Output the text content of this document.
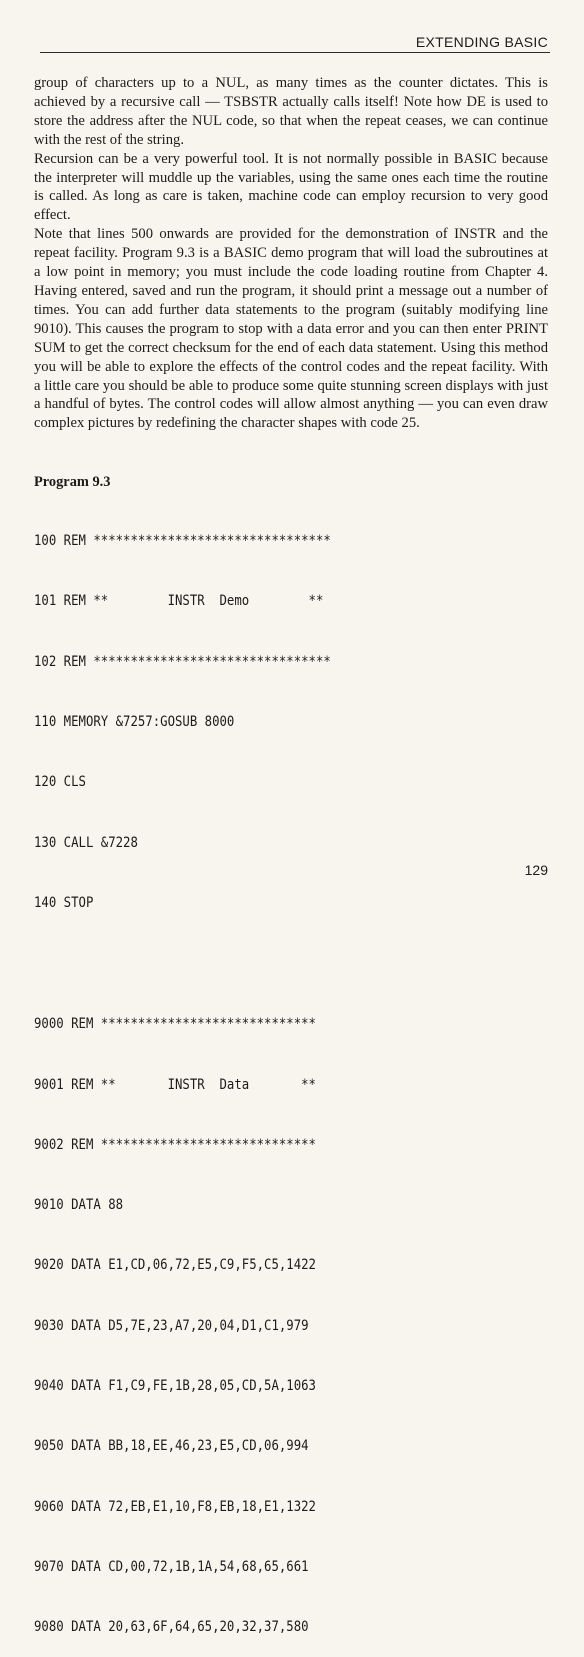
EXTENDING BASIC

group of characters up to a NUL, as many times as the counter dictates. This is achieved by a recursive call — TSBSTR actually calls itself! Note how DE is used to store the address after the NUL code, so that when the repeat ceases, we can continue with the rest of the string.

Recursion can be a very powerful tool. It is not normally possible in BASIC because the interpreter will muddle up the variables, using the same ones each time the routine is called. As long as care is taken, machine code can employ recursion to very good effect.

Note that lines 500 onwards are provided for the demonstration of INSTR and the repeat facility. Program 9.3 is a BASIC demo program that will load the subroutines at a low point in memory; you must include the code loading routine from Chapter 4. Having entered, saved and run the program, it should print a message out a number of times. You can add further data statements to the program (suitably modifying line 9010). This causes the program to stop with a data error and you can then enter PRINT SUM to get the correct checksum for the end of each data statement. Using this method you will be able to explore the effects of the control codes and the repeat facility. With a little care you should be able to produce some quite stunning screen displays with just a handful of bytes. The control codes will allow almost anything — you can even draw complex pictures by redefining the character shapes with code 25.

Program 9.3

100 REM ********************************

101 REM **        INSTR  Demo        **

102 REM ********************************

110 MEMORY &7257:GOSUB 8000

120 CLS

130 CALL &7228

140 STOP

9000 REM *****************************

9001 REM **       INSTR  Data       **

9002 REM *****************************

9010 DATA 88

9020 DATA E1,CD,06,72,E5,C9,F5,C5,1422

9030 DATA D5,7E,23,A7,20,04,D1,C1,979

9040 DATA F1,C9,FE,1B,28,05,CD,5A,1063

9050 DATA BB,18,EE,46,23,E5,CD,06,994

9060 DATA 72,EB,E1,10,F8,EB,18,E1,1322

9070 DATA CD,00,72,1B,1A,54,68,65,661

9080 DATA 20,63,6F,64,65,20,32,37,580

129
